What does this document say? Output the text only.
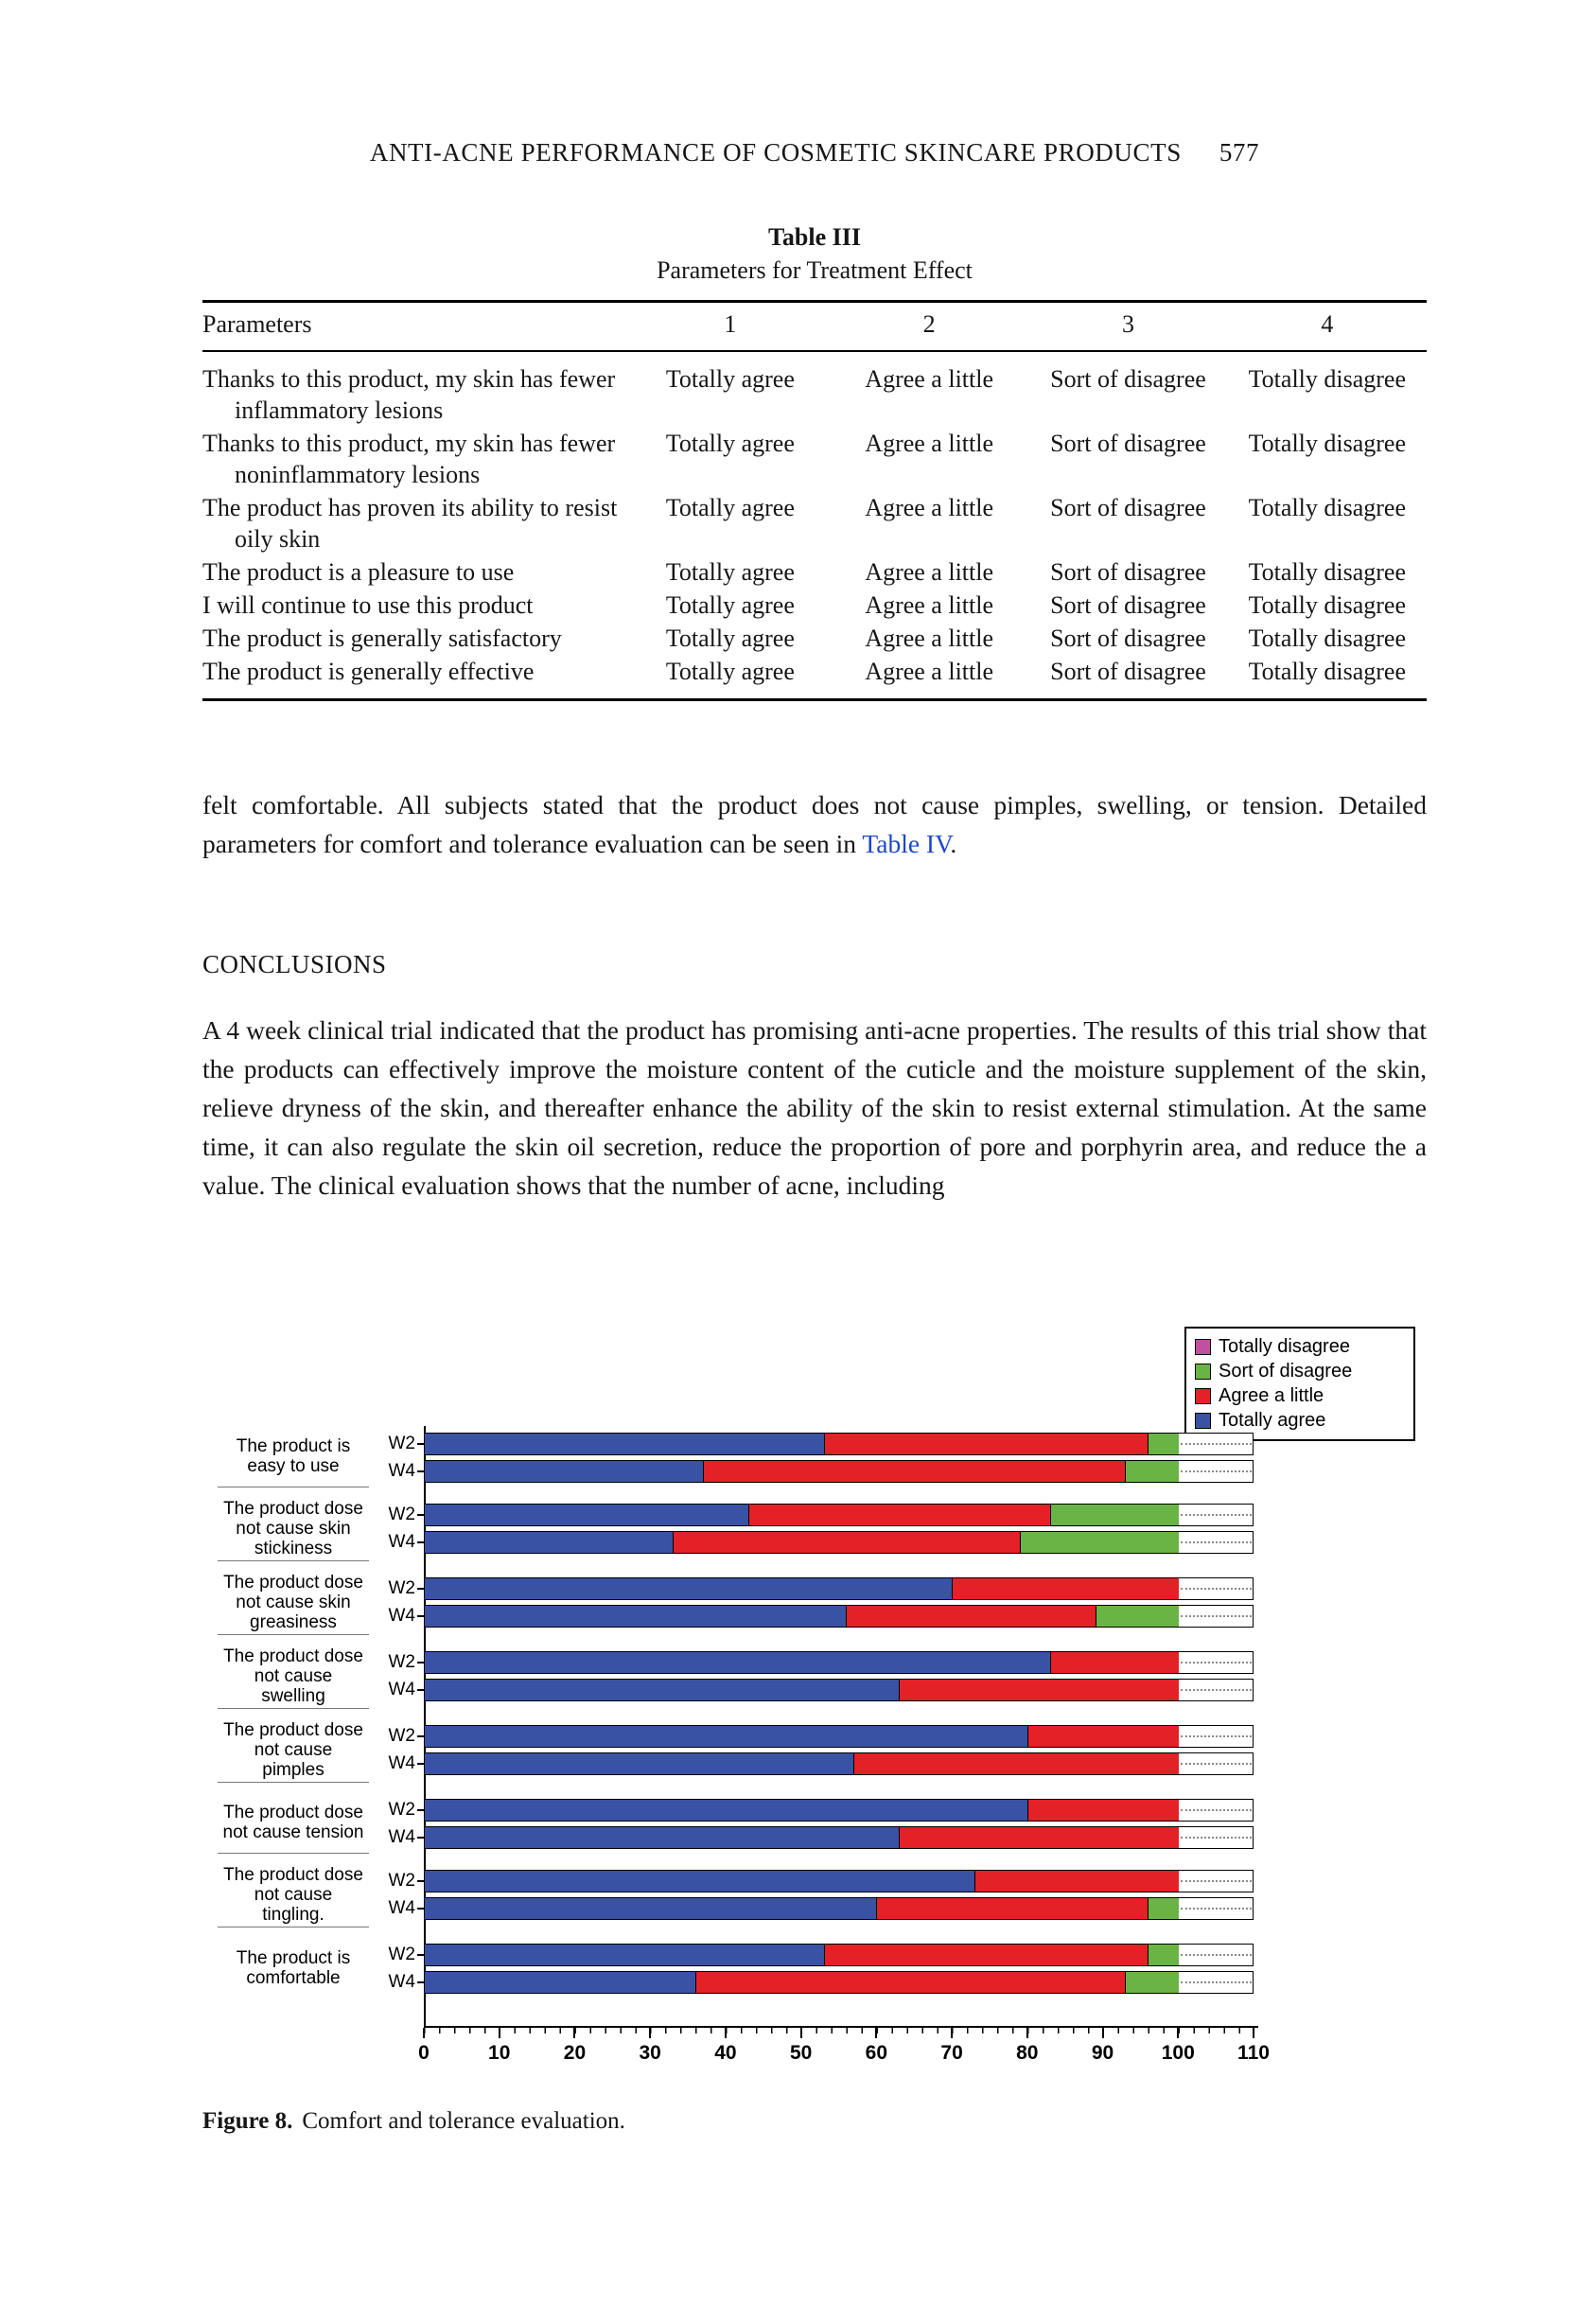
ANTI-ACNE PERFORMANCE OF COSMETIC SKINCARE PRODUCTS 577
Table III
Parameters for Treatment Effect
Parameters	1	2	3	4
Thanks to this product, my skin has fewer inflammatory lesions	Totally agree	Agree a little	Sort of disagree	Totally disagree
Thanks to this product, my skin has fewer noninflammatory lesions	Totally agree	Agree a little	Sort of disagree	Totally disagree
The product has proven its ability to resist oily skin	Totally agree	Agree a little	Sort of disagree	Totally disagree
The product is a pleasure to use	Totally agree	Agree a little	Sort of disagree	Totally disagree
I will continue to use this product	Totally agree	Agree a little	Sort of disagree	Totally disagree
The product is generally satisfactory	Totally agree	Agree a little	Sort of disagree	Totally disagree
The product is generally effective	Totally agree	Agree a little	Sort of disagree	Totally disagree

felt comfortable. All subjects stated that the product does not cause pimples, swelling, or tension. Detailed parameters for comfort and tolerance evaluation can be seen in Table IV.

CONCLUSIONS

A 4 week clinical trial indicated that the product has promising anti-acne properties. The results of this trial show that the products can effectively improve the moisture content of the cuticle and the moisture supplement of the skin, relieve dryness of the skin, and thereafter enhance the ability of the skin to resist external stimulation. At the same time, it can also regulate the skin oil secretion, reduce the proportion of pore and porphyrin area, and reduce the a value. The clinical evaluation shows that the number of acne, including

Totally disagree
Sort of disagree
Agree a little
Totally agree
The product is easy to use
W2
W4
The product dose not cause skin stickiness
W2
W4
The product dose not cause skin greasiness
W2
W4
The product dose not cause swelling
W2
W4
The product dose not cause pimples
W2
W4
The product dose not cause tension
W2
W4
The product dose not cause tingling.
W2
W4
The product is comfortable
W2
W4
0	10	20	30	40	50	60	70	80	90 100 110
Figure 8. Comfort and tolerance evaluation.
